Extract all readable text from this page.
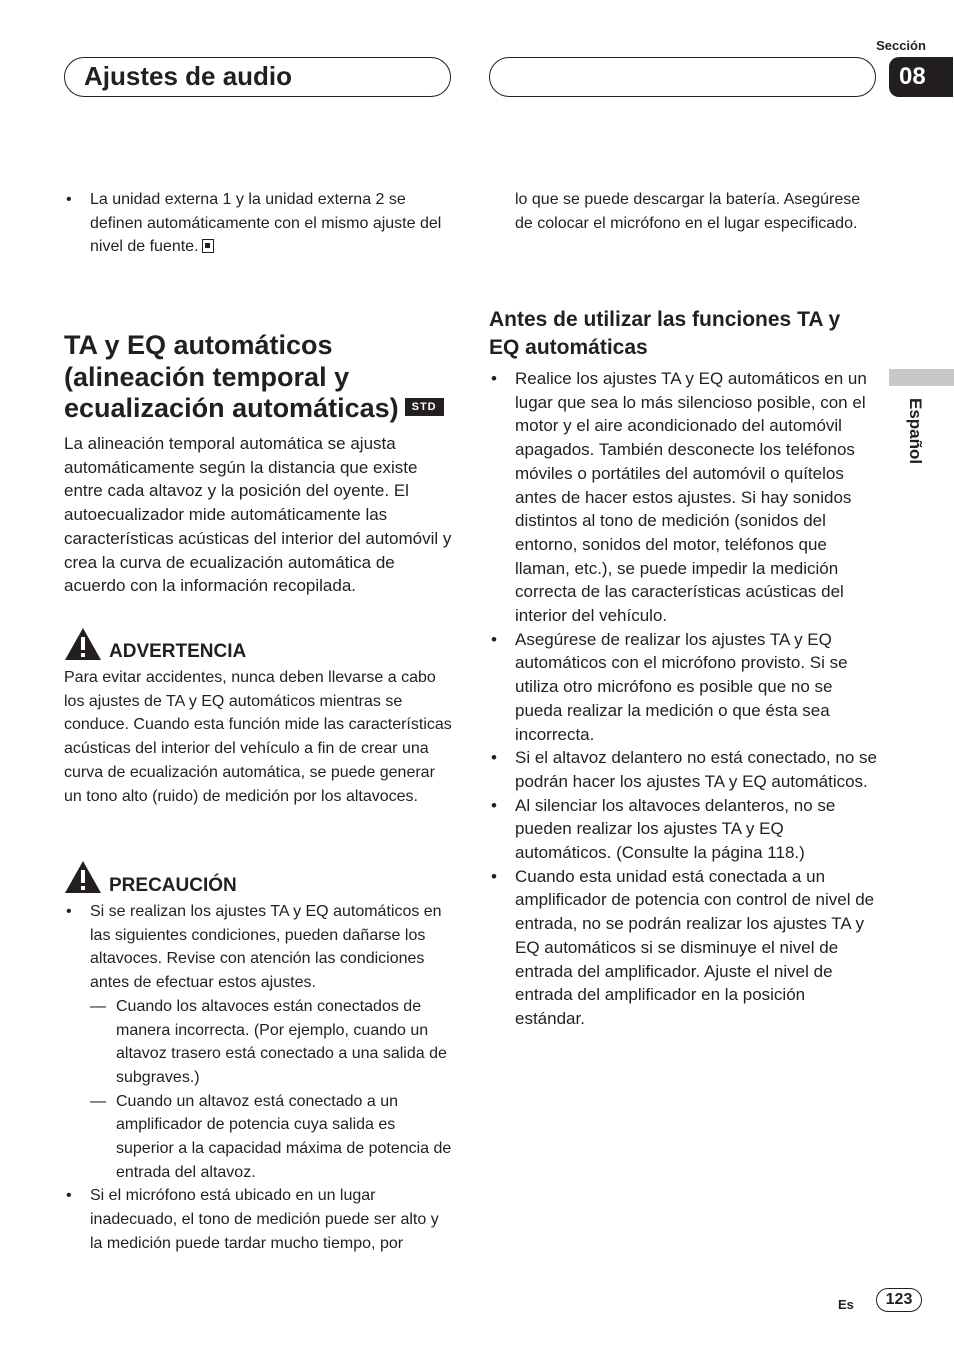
Ajustes de audio
Sección
08
Español
• La unidad externa 1 y la unidad externa 2 se definen automáticamente con el mismo ajuste del nivel de fuente.
TA y EQ automáticos (alineación temporal y ecualización automáticas) STD
La alineación temporal automática se ajusta automáticamente según la distancia que existe entre cada altavoz y la posición del oyente. El autoecualizador mide automáticamente las características acústicas del interior del automóvil y crea la curva de ecualización automática de acuerdo con la información recopilada.
ADVERTENCIA
Para evitar accidentes, nunca deben llevarse a cabo los ajustes de TA y EQ automáticos mientras se conduce. Cuando esta función mide las características acústicas del interior del vehículo a fin de crear una curva de ecualización automática, se puede generar un tono alto (ruido) de medición por los altavoces.
PRECAUCIÓN
• Si se realizan los ajustes TA y EQ automáticos en las siguientes condiciones, pueden dañarse los altavoces. Revise con atención las condiciones antes de efectuar estos ajustes.
— Cuando los altavoces están conectados de manera incorrecta. (Por ejemplo, cuando un altavoz trasero está conectado a una salida de subgraves.)
— Cuando un altavoz está conectado a un amplificador de potencia cuya salida es superior a la capacidad máxima de potencia de entrada del altavoz.
• Si el micrófono está ubicado en un lugar inadecuado, el tono de medición puede ser alto y la medición puede tardar mucho tiempo, por
lo que se puede descargar la batería. Asegúrese de colocar el micrófono en el lugar especificado.
Antes de utilizar las funciones TA y EQ automáticas
• Realice los ajustes TA y EQ automáticos en un lugar que sea lo más silencioso posible, con el motor y el aire acondicionado del automóvil apagados. También desconecte los teléfonos móviles o portátiles del automóvil o quítelos antes de hacer estos ajustes. Si hay sonidos distintos al tono de medición (sonidos del entorno, sonidos del motor, teléfonos que llaman, etc.), se puede impedir la medición correcta de las características acústicas del interior del vehículo.
• Asegúrese de realizar los ajustes TA y EQ automáticos con el micrófono provisto. Si se utiliza otro micrófono es posible que no se pueda realizar la medición o que ésta sea incorrecta.
• Si el altavoz delantero no está conectado, no se podrán hacer los ajustes TA y EQ automáticos.
• Al silenciar los altavoces delanteros, no se pueden realizar los ajustes TA y EQ automáticos. (Consulte la página 118.)
• Cuando esta unidad está conectada a un amplificador de potencia con control de nivel de entrada, no se podrán realizar los ajustes TA y EQ automáticos si se disminuye el nivel de entrada del amplificador. Ajuste el nivel de entrada del amplificador en la posición estándar.
Es	123
